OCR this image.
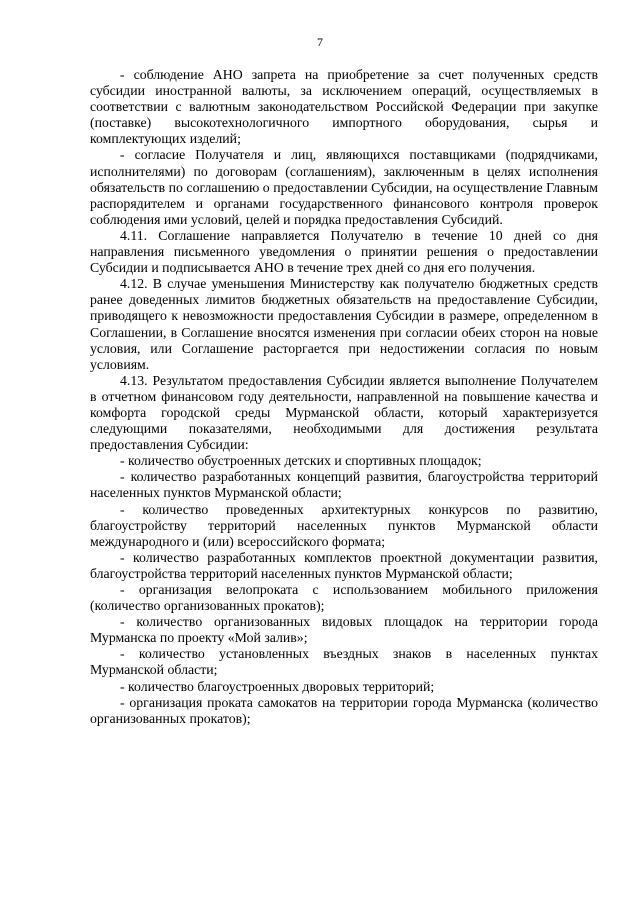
7

- соблюдение АНО запрета на приобретение за счет полученных средств субсидии иностранной валюты, за исключением операций, осуществляемых в соответствии с валютным законодательством Российской Федерации при закупке (поставке) высокотехнологичного импортного оборудования, сырья и комплектующих изделий;

- согласие Получателя и лиц, являющихся поставщиками (подрядчиками, исполнителями) по договорам (соглашениям), заключенным в целях исполнения обязательств по соглашению о предоставлении Субсидии, на осуществление Главным распорядителем и органами государственного финансового контроля проверок соблюдения ими условий, целей и порядка предоставления Субсидий.

4.11. Соглашение направляется Получателю в течение 10 дней со дня направления письменного уведомления о принятии решения о предоставлении Субсидии и подписывается АНО в течение трех дней со дня его получения.

4.12. В случае уменьшения Министерству как получателю бюджетных средств ранее доведенных лимитов бюджетных обязательств на предоставление Субсидии, приводящего к невозможности предоставления Субсидии в размере, определенном в Соглашении, в Соглашение вносятся изменения при согласии обеих сторон на новые условия, или Соглашение расторгается при недостижении согласия по новым условиям.

4.13. Результатом предоставления Субсидии является выполнение Получателем в отчетном финансовом году деятельности, направленной на повышение качества и комфорта городской среды Мурманской области, который характеризуется следующими показателями, необходимыми для достижения результата предоставления Субсидии:

- количество обустроенных детских и спортивных площадок;

- количество разработанных концепций развития, благоустройства территорий населенных пунктов Мурманской области;

- количество проведенных архитектурных конкурсов по развитию, благоустройству территорий населенных пунктов Мурманской области международного и (или) всероссийского формата;

- количество разработанных комплектов проектной документации развития, благоустройства территорий населенных пунктов Мурманской области;

- организация велопроката с использованием мобильного приложения (количество организованных прокатов);

- количество организованных видовых площадок на территории города Мурманска по проекту «Мой залив»;

- количество установленных въездных знаков в населенных пунктах Мурманской области;

- количество благоустроенных дворовых территорий;

- организация проката самокатов на территории города Мурманска (количество организованных прокатов);
